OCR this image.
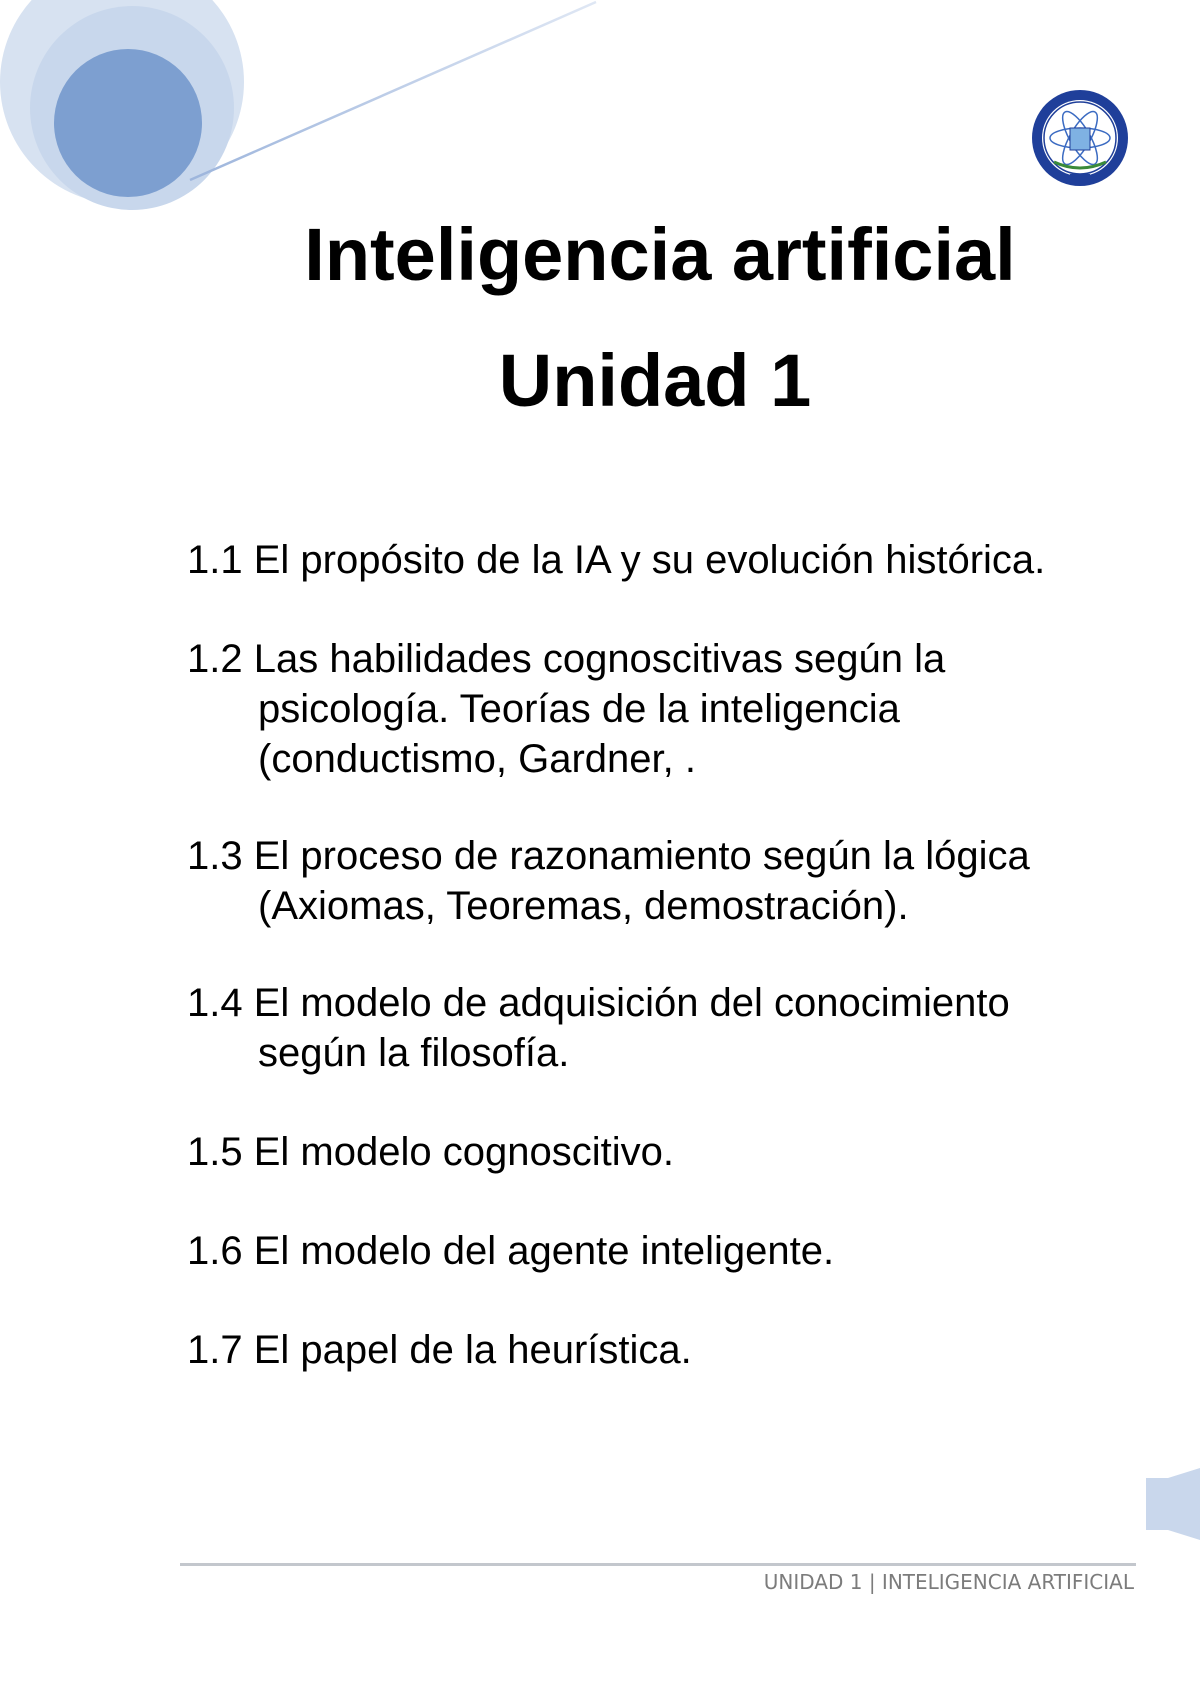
Inteligencia artificial
Unidad 1
1.1 El propósito de la IA y su evolución histórica.
1.2 Las habilidades cognoscitivas según la psicología. Teorías de la inteligencia (conductismo, Gardner, .
1.3 El proceso de razonamiento según la lógica (Axiomas, Teoremas, demostración).
1.4 El modelo de adquisición del conocimiento según la filosofía.
1.5 El modelo cognoscitivo.
1.6 El modelo del agente inteligente.
1.7 El papel de la heurística.
UNIDAD 1 | INTELIGENCIA ARTIFICIAL
